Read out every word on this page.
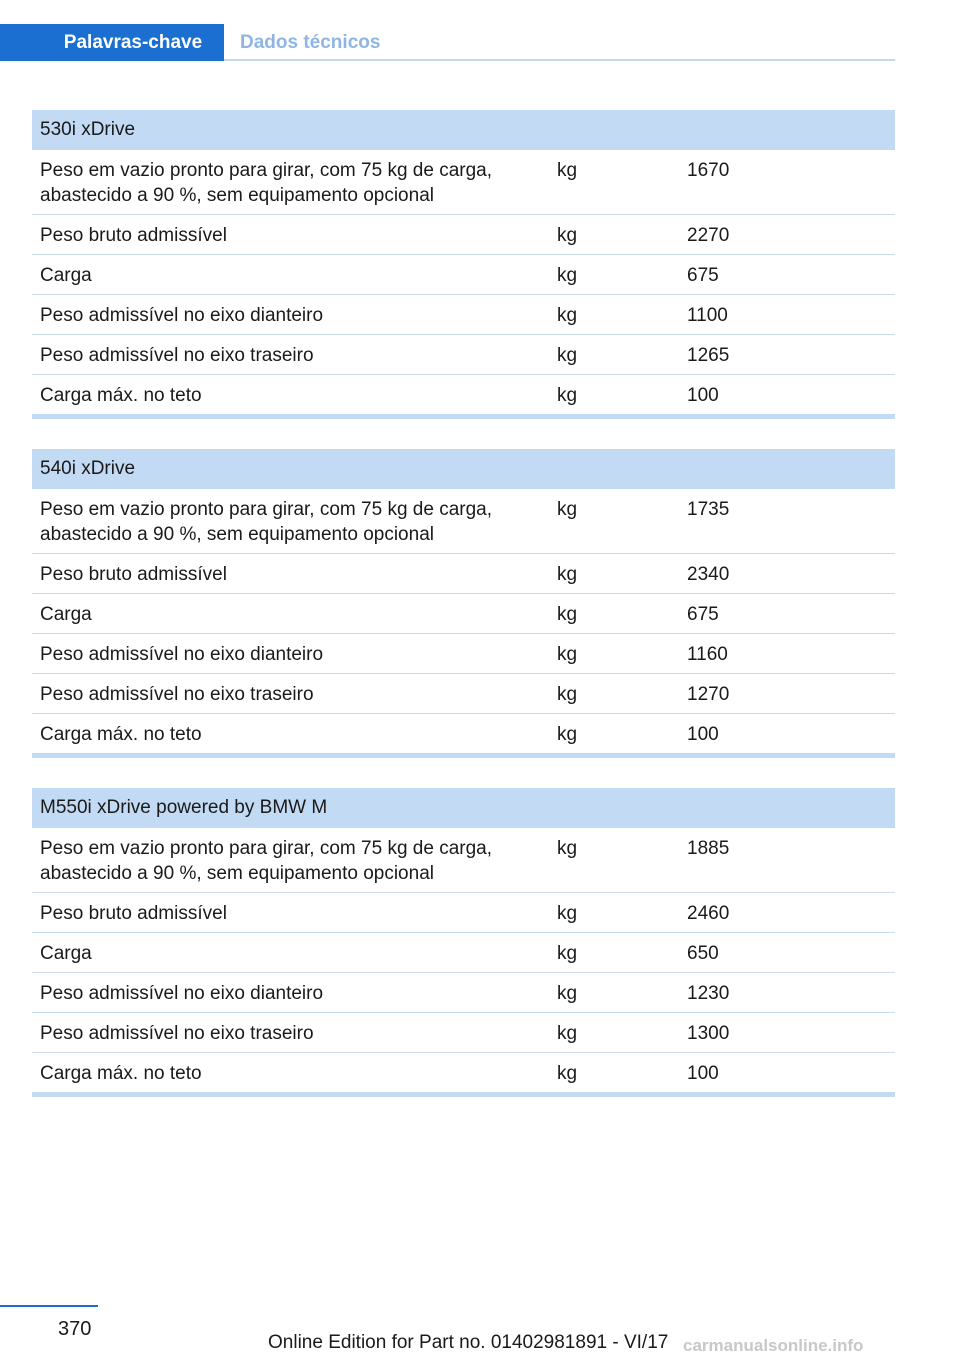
Palavras-chave	Dados técnicos
530i xDrive
Peso em vazio pronto para girar, com 75 kg de carga,
abastecido a 90 %, sem equipamento opcional
kg	1670
Peso bruto admissível	kg	2270
Carga	kg	675
Peso admissível no eixo dianteiro	kg	1100
Peso admissível no eixo traseiro	kg	1265
Carga máx. no teto	kg	100
540i xDrive
Peso em vazio pronto para girar, com 75 kg de carga,
abastecido a 90 %, sem equipamento opcional
kg	1735
Peso bruto admissível	kg	2340
Carga	kg	675
Peso admissível no eixo dianteiro	kg	1160
Peso admissível no eixo traseiro	kg	1270
Carga máx. no teto	kg	100
M550i xDrive powered by BMW M
Peso em vazio pronto para girar, com 75 kg de carga,
abastecido a 90 %, sem equipamento opcional
kg	1885
Peso bruto admissível	kg	2460
Carga	kg	650
Peso admissível no eixo dianteiro	kg	1230
Peso admissível no eixo traseiro	kg	1300
Carga máx. no teto	kg	100
370
Online Edition for Part no. 01402981891 - VI/17 carmanualsonline.info
